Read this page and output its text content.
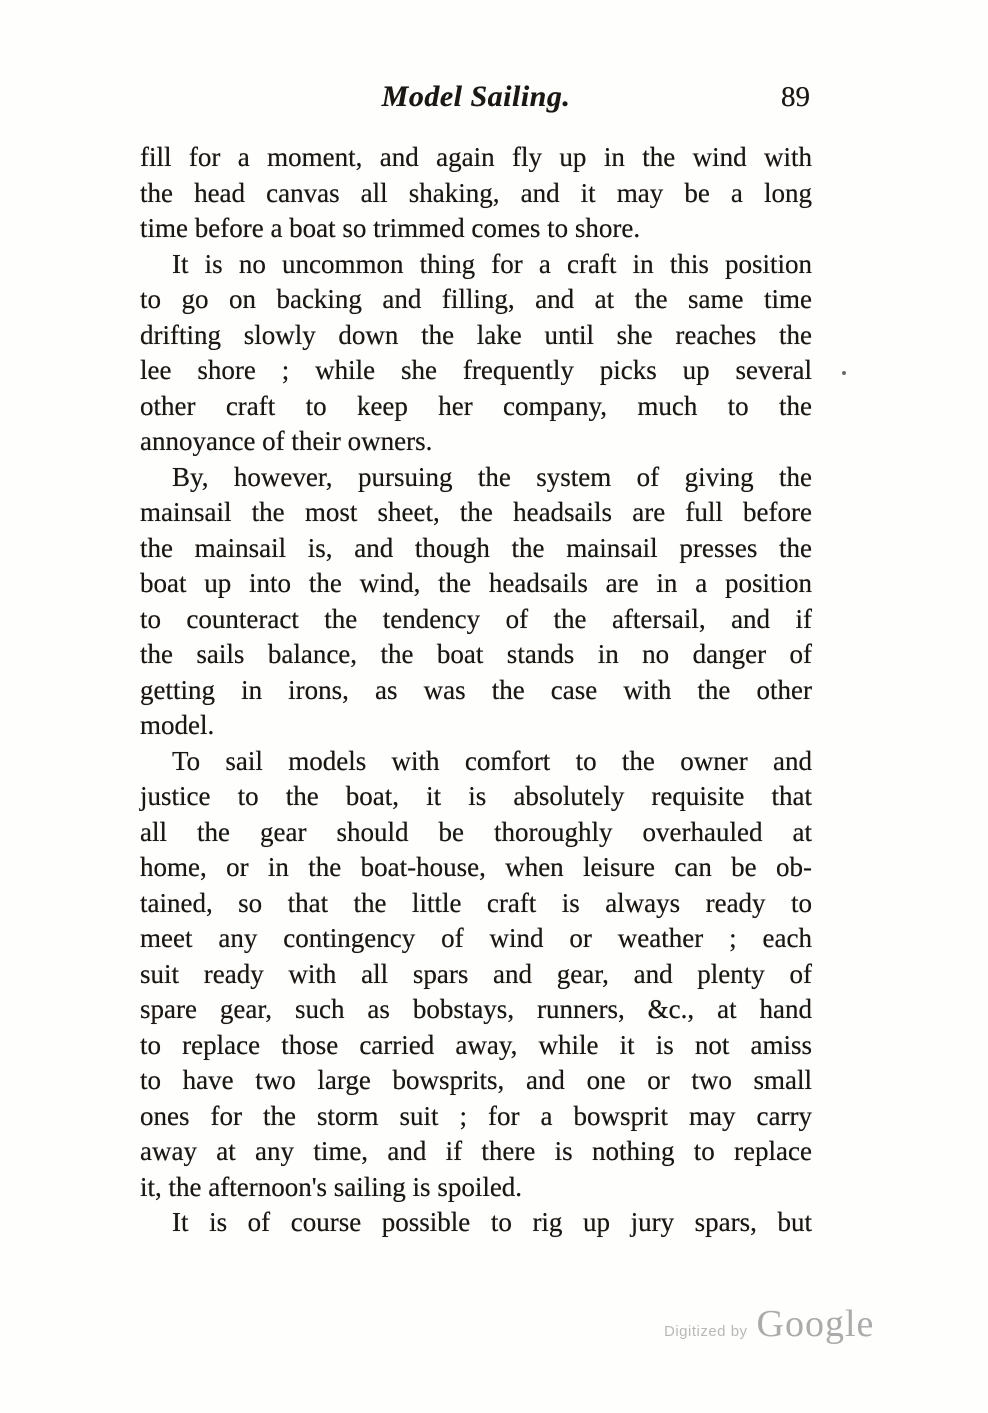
Model Sailing.	89
fill for a moment, and again fly up in the wind with
the head canvas all shaking, and it may be a long
time before a boat so trimmed comes to shore.
It is no uncommon thing for a craft in this position
to go on backing and filling, and at the same time
drifting slowly down the lake until she reaches the
lee shore ; while she frequently picks up several
other craft to keep her company, much to the
annoyance of their owners.
By, however, pursuing the system of giving the
mainsail the most sheet, the headsails are full before
the mainsail is, and though the mainsail presses the
boat up into the wind, the headsails are in a position
to counteract the tendency of the aftersail, and if
the sails balance, the boat stands in no danger of
getting in irons, as was the case with the other
model.
To sail models with comfort to the owner and
justice to the boat, it is absolutely requisite that
all the gear should be thoroughly overhauled at
home, or in the boat-house, when leisure can be ob-
tained, so that the little craft is always ready to
meet any contingency of wind or weather ; each
suit ready with all spars and gear, and plenty of
spare gear, such as bobstays, runners, &c., at hand
to replace those carried away, while it is not amiss
to have two large bowsprits, and one or two small
ones for the storm suit ; for a bowsprit may carry
away at any time, and if there is nothing to replace
it, the afternoon's sailing is spoiled.
It is of course possible to rig up jury spars, but
Digitized by Google
